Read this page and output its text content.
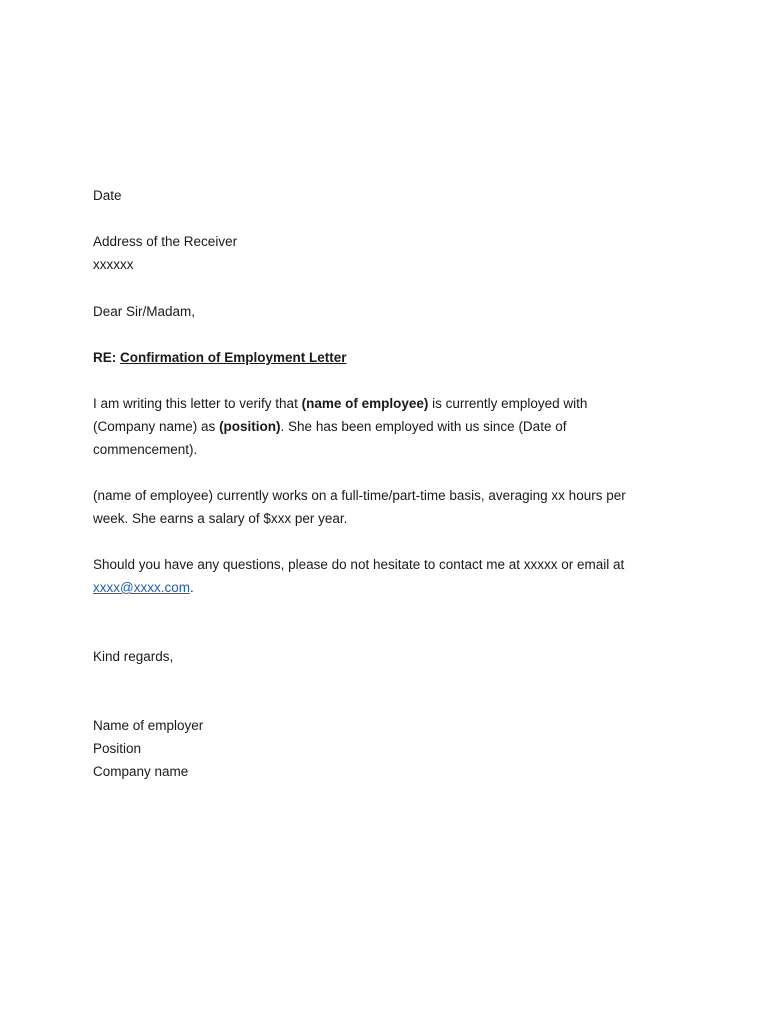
Date

Address of the Receiver
xxxxxx

Dear Sir/Madam,

RE: Confirmation of Employment Letter

I am writing this letter to verify that (name of employee) is currently employed with (Company name) as (position). She has been employed with us since (Date of commencement).

(name of employee) currently works on a full-time/part-time basis, averaging xx hours per week. She earns a salary of $xxx per year.

Should you have any questions, please do not hesitate to contact me at xxxxx or email at xxxx@xxxx.com.

Kind regards,

Name of employer
Position
Company name
